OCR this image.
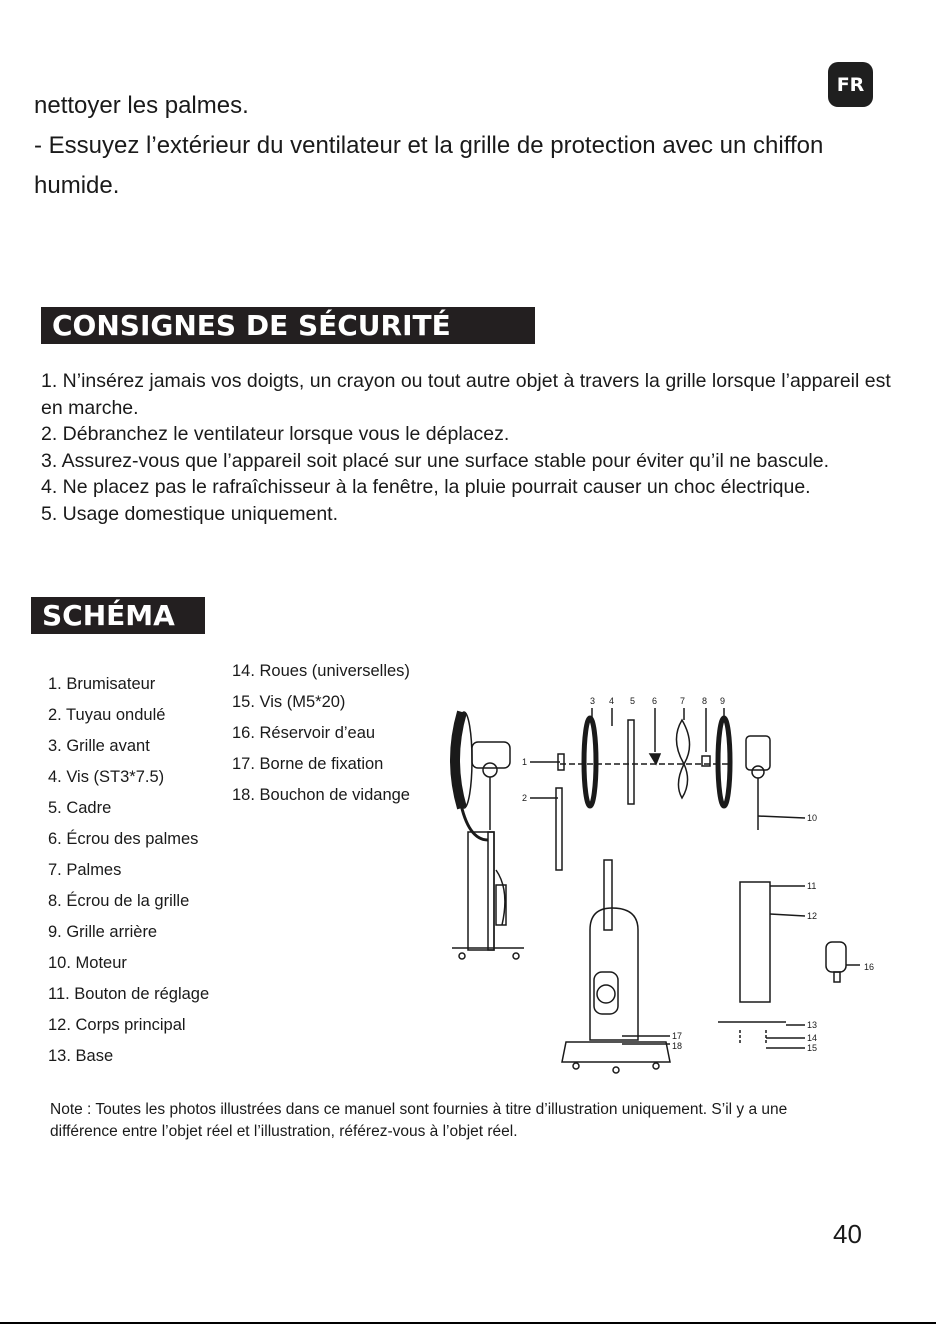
FR

nettoyer les palmes.

- Essuyez l’extérieur du ventilateur et la grille de protection avec un chiffon humide.

CONSIGNES DE SÉCURITÉ

1. N’insérez jamais vos doigts, un crayon ou tout autre objet à travers la grille lorsque l’appareil est en marche.

2. Débranchez le ventilateur lorsque vous le déplacez.

3. Assurez-vous que l’appareil soit placé sur une surface stable pour éviter qu’il ne bascule.

4. Ne placez pas le rafraîchisseur à la fenêtre, la pluie pourrait causer un choc électrique.

5. Usage domestique uniquement.

SCHÉMA
1. Brumisateur
2. Tuyau ondulé
3. Grille avant
4. Vis (ST3*7.5)
5. Cadre
6. Écrou des palmes
7. Palmes
8. Écrou de la grille
9. Grille arrière
10. Moteur
11. Bouton de réglage
12. Corps principal
13. Base
14. Roues (universelles)
15. Vis (M5*20)
16. Réservoir d’eau
17. Borne de fixation
18. Bouchon de vidange
1
2
3 4 5 6	7 8 9
10
11
12
13
14
15
16
17
18
Note : Toutes les photos illustrées dans ce manuel sont fournies à titre d’illustration uniquement. S’il y a une différence entre l’objet réel et l’illustration, référez-vous à l’objet réel.
40
